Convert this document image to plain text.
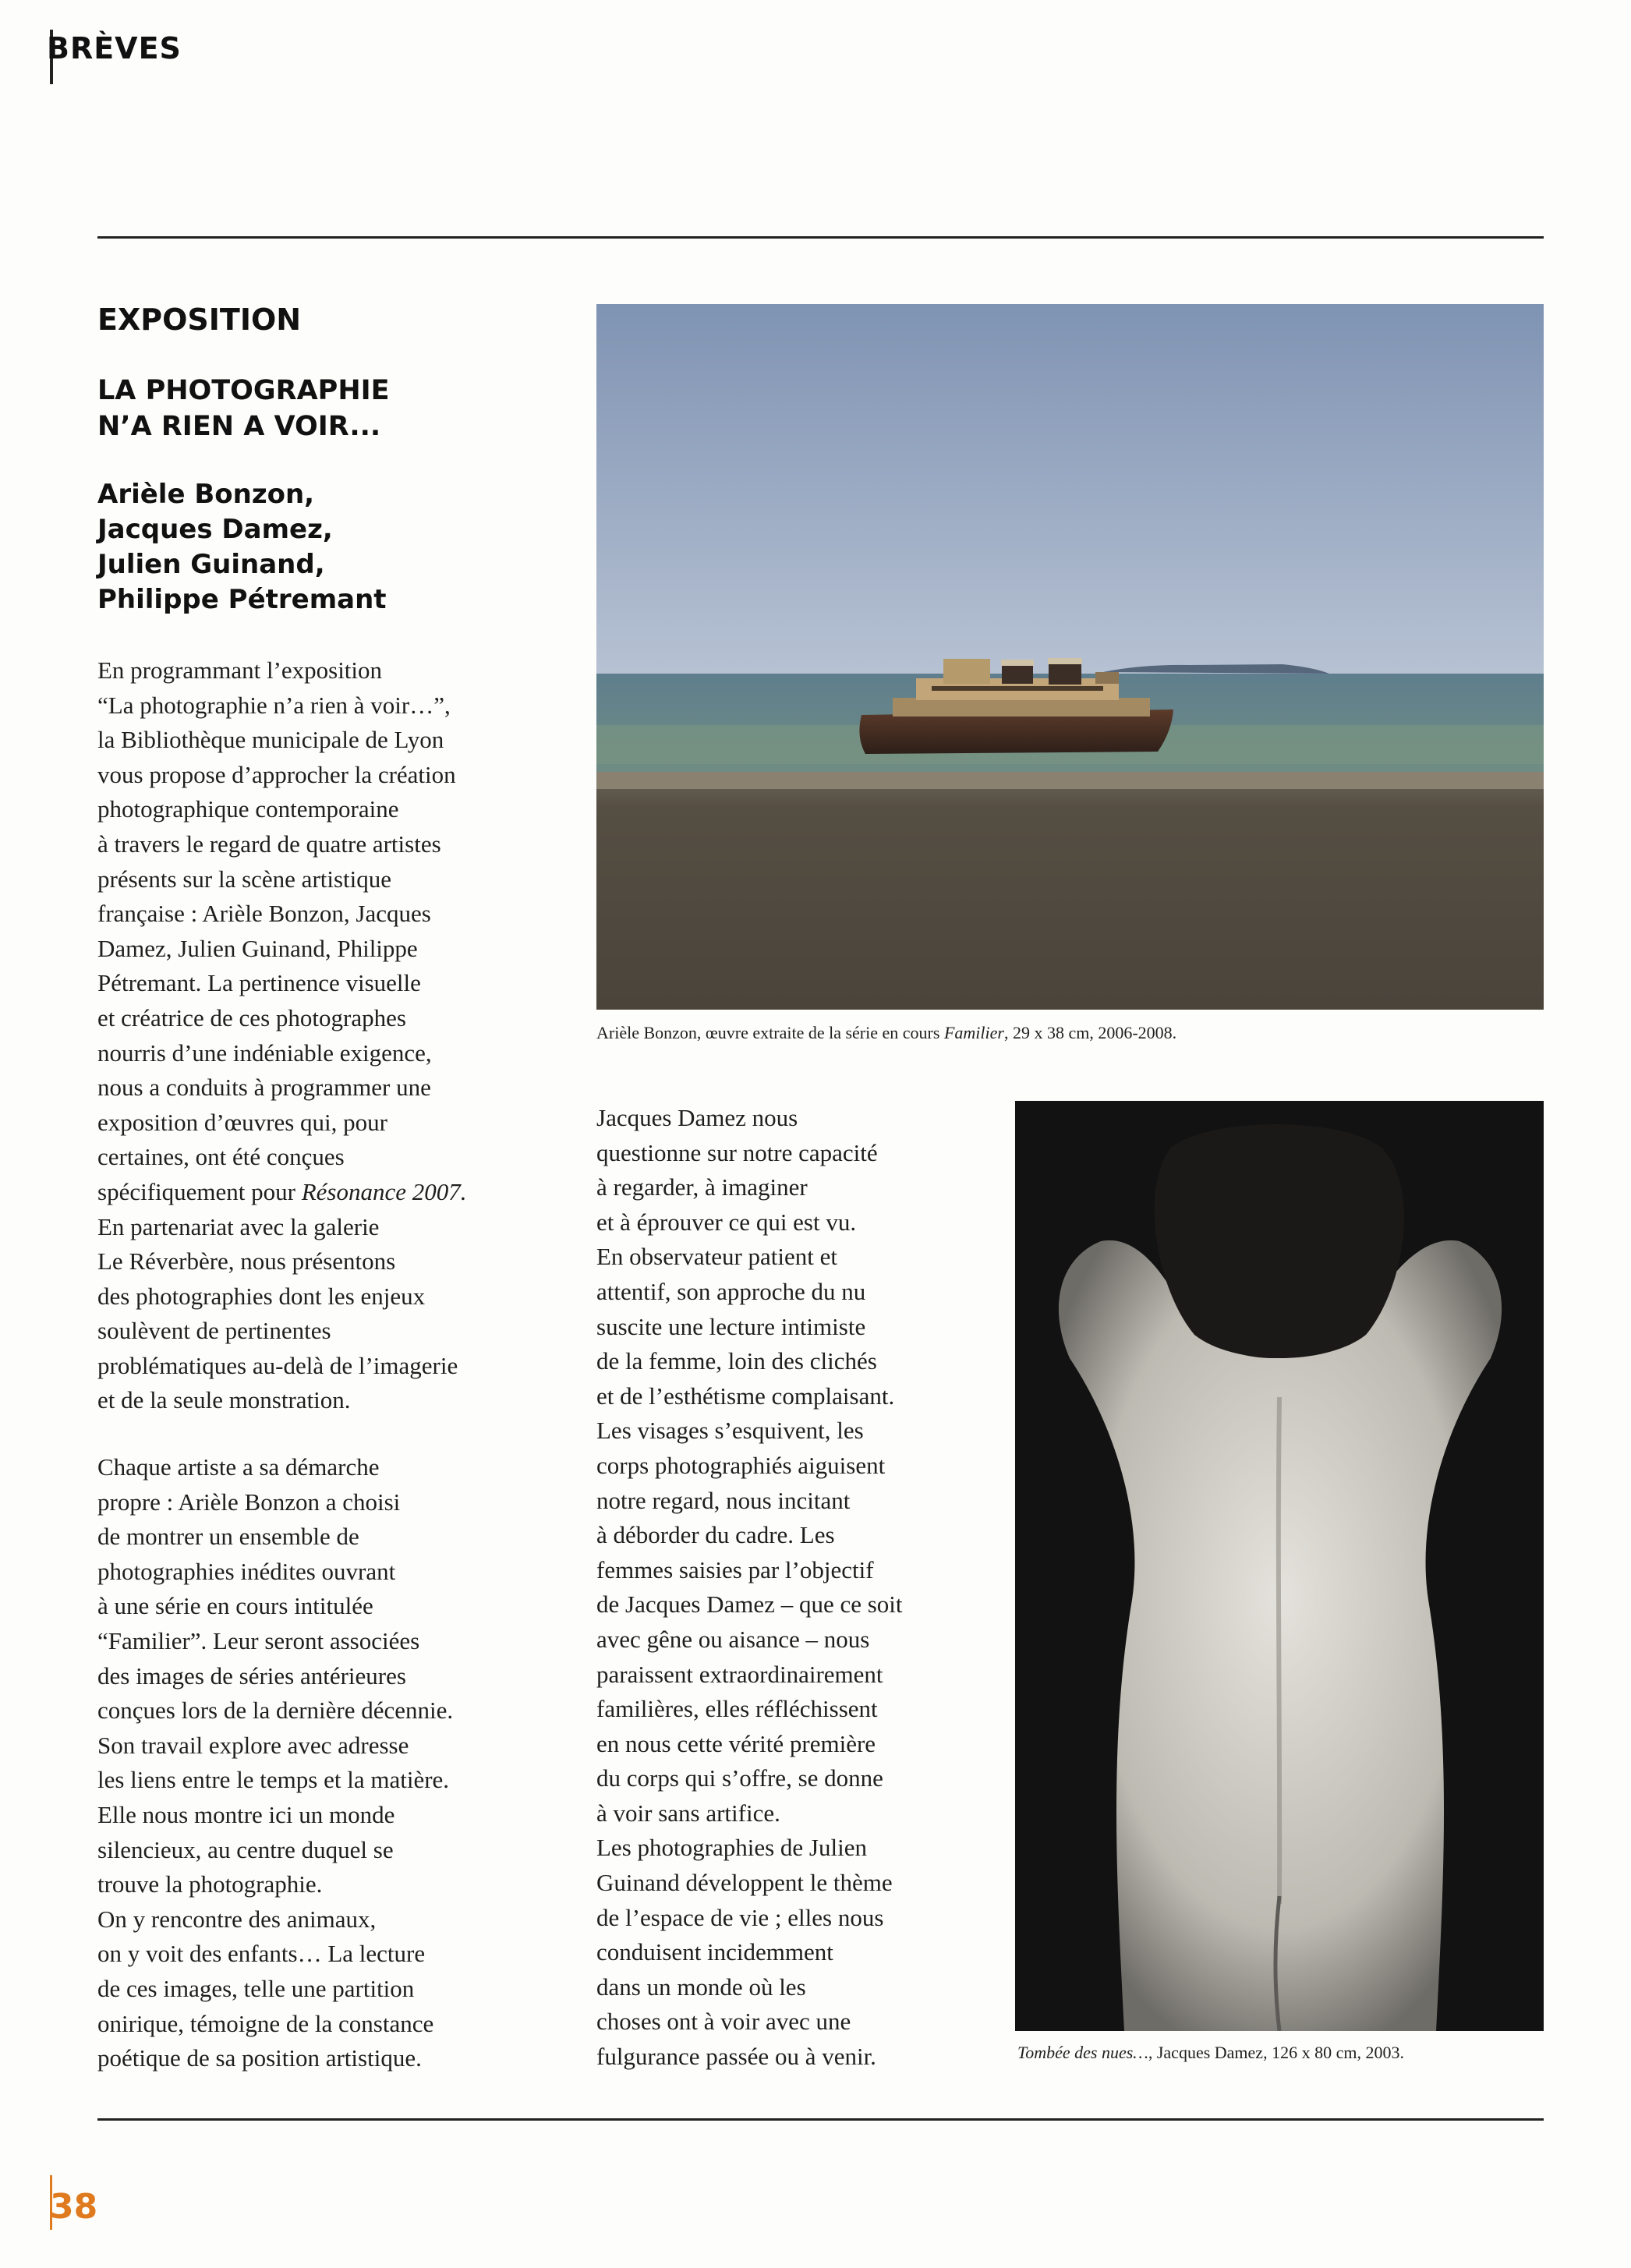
BRÈVES
EXPOSITION
LA PHOTOGRAPHIE
N’A RIEN A VOIR...
Arièle Bonzon,
Jacques Damez,
Julien Guinand,
Philippe Pétremant
En programmant l’exposition
“La photographie n’a rien à voir…”,
la Bibliothèque municipale de Lyon
vous propose d’approcher la création
photographique contemporaine
à travers le regard de quatre artistes
présents sur la scène artistique
française : Arièle Bonzon, Jacques
Damez, Julien Guinand, Philippe
Pétremant. La pertinence visuelle
et créatrice de ces photographes
nourris d’une indéniable exigence,
nous a conduits à programmer une
exposition d’œuvres qui, pour
certaines, ont été conçues
spécifiquement pour Résonance 2007.
En partenariat avec la galerie
Le Réverbère, nous présentons
des photographies dont les enjeux
soulèvent de pertinentes
problématiques au-delà de l’imagerie
et de la seule monstration.
Chaque artiste a sa démarche
propre : Arièle Bonzon a choisi
de montrer un ensemble de
photographies inédites ouvrant
à une série en cours intitulée
“Familier”. Leur seront associées
des images de séries antérieures
conçues lors de la dernière décennie.
Son travail explore avec adresse
les liens entre le temps et la matière.
Elle nous montre ici un monde
silencieux, au centre duquel se
trouve la photographie.
On y rencontre des animaux,
on y voit des enfants… La lecture
de ces images, telle une partition
onirique, témoigne de la constance
poétique de sa position artistique.
Arièle Bonzon, œuvre extraite de la série en cours Familier, 29 x 38 cm, 2006-2008.
Jacques Damez nous
questionne sur notre capacité
à regarder, à imaginer
et à éprouver ce qui est vu.
En observateur patient et
attentif, son approche du nu
suscite une lecture intimiste
de la femme, loin des clichés
et de l’esthétisme complaisant.
Les visages s’esquivent, les
corps photographiés aiguisent
notre regard, nous incitant
à déborder du cadre. Les
femmes saisies par l’objectif
de Jacques Damez – que ce soit
avec gêne ou aisance – nous
paraissent extraordinairement
familières, elles réfléchissent
en nous cette vérité première
du corps qui s’offre, se donne
à voir sans artifice.
Les photographies de Julien
Guinand développent le thème
de l’espace de vie ; elles nous
conduisent incidemment
dans un monde où les
choses ont à voir avec une
fulgurance passée ou à venir.	Tombée des nues…, Jacques Damez, 126 x 80 cm, 2003.
38
